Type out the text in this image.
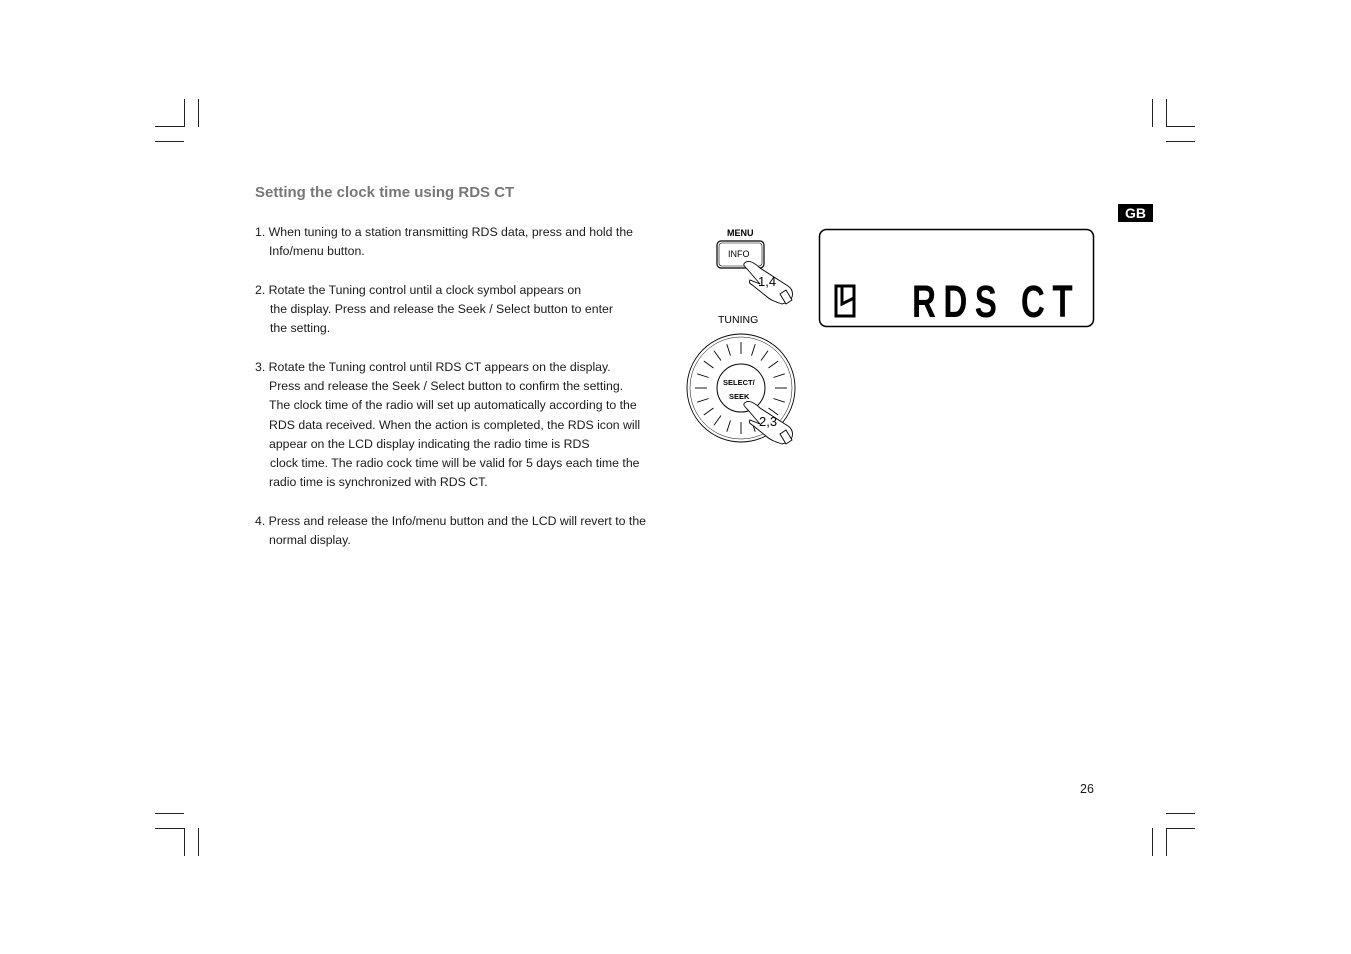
Setting the clock time using RDS CT
GB
1. When tuning to a station transmitting RDS data, press and hold the
Info/menu button.
2. Rotate the Tuning control until a clock symbol appears on
the display. Press and release the Seek / Select button to enter
the setting.
3. Rotate the Tuning control until RDS CT appears on the display.
Press and release the Seek / Select button to confirm the setting.
The clock time of the radio will set up automatically according to the
RDS data received. When the action is completed, the RDS icon will
appear on the LCD display indicating the radio time is RDS
clock time. The radio cock time will be valid for 5 days each time the
radio time is synchronized with RDS CT.
4. Press and release the Info/menu button and the LCD will revert to the
normal display.
MENU
INFO
1,4
TUNING
SELECT/
SEEK
2,3
RDS CT
26
